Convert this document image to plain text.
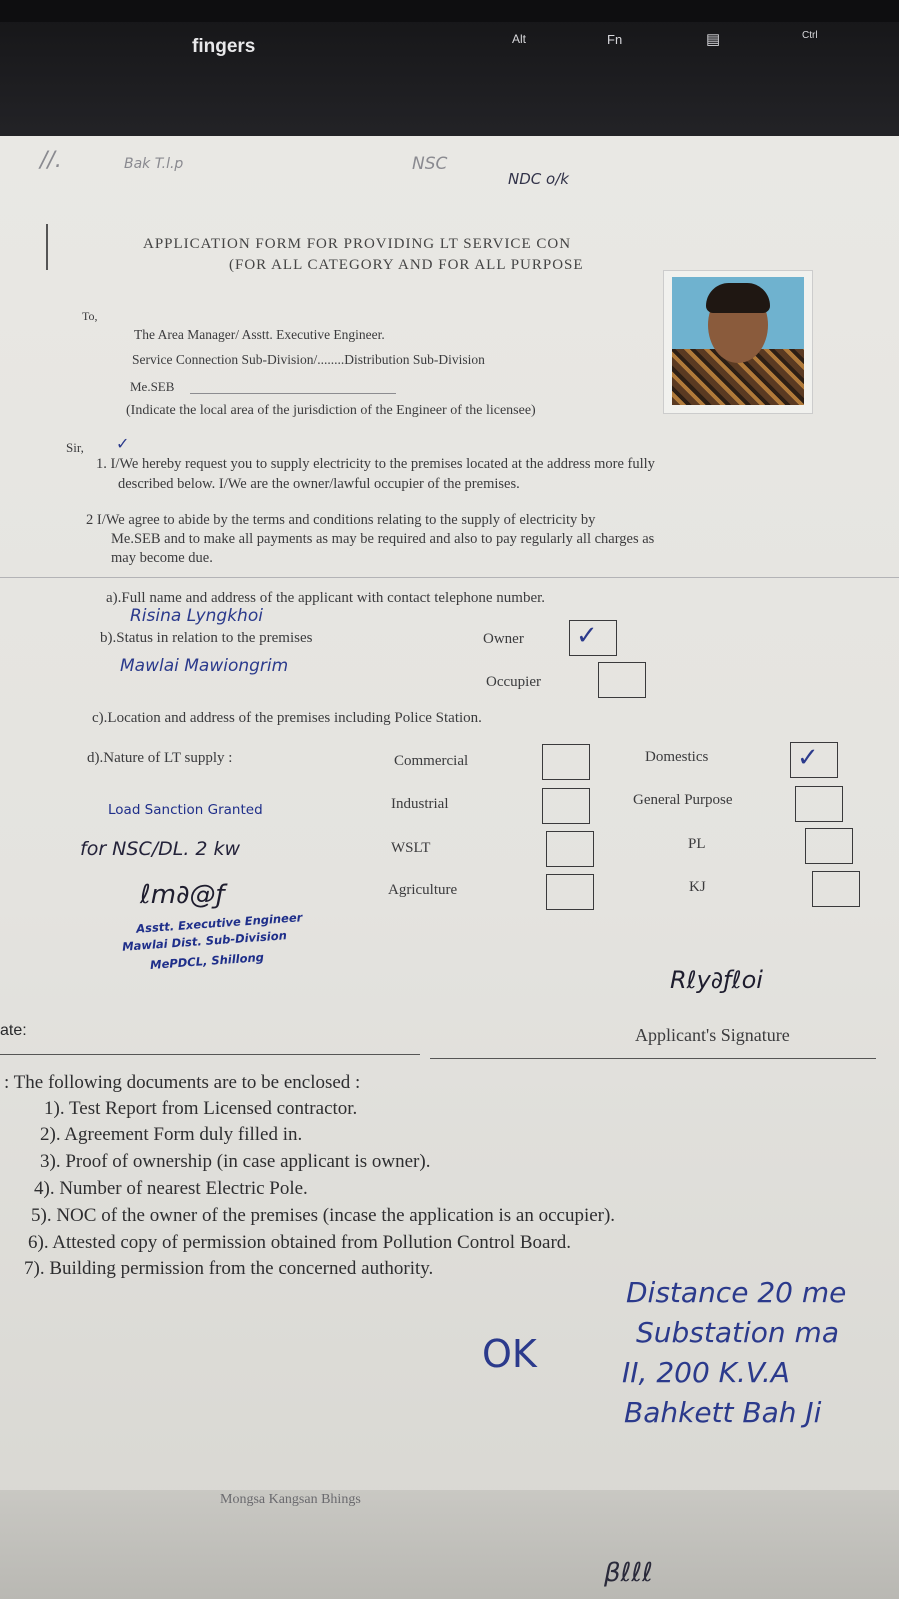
fingers	Alt	Fn	▤	Ctrl
//.	Bak T.l.p	NSC
NDC o/k
APPLICATION FORM FOR PROVIDING LT SERVICE CON
(FOR ALL CATEGORY AND FOR ALL PURPOSE
To,
The Area Manager/ Asstt. Executive Engineer.
Service Connection Sub-Division/........Distribution Sub-Division
Me.SEB
(Indicate the local area of the jurisdiction of the Engineer of the licensee)
Sir, ✓
1. I/We hereby request you to supply electricity to the premises located at the address more fully
described below. I/We are the owner/lawful occupier of the premises.
2 I/We agree to abide by the terms and conditions relating to the supply of electricity by
Me.SEB and to make all payments as may be required and also to pay regularly all charges as
may become due.
a).Full name and address of the applicant with contact telephone number.
Risina Lyngkhoi
b).Status in relation to the premises	Owner ✓
Mawlai Mawiongrim
Occupier
c).Location and address of the premises including Police Station.
d).Nature of LT supply :	Commercial	Domestics	✓
Load Sanction Granted	Industrial	General Purpose
for NSC/DL. 2 kw	WSLT	PL
ℓm∂@ƒ	Agriculture	KJ
Asstt. Executive Engineer
Mawlai Dist. Sub-Division
MePDCL, Shillong
Rℓy∂ƒℓoi
ate:	Applicant's Signature
: The following documents are to be enclosed :
1). Test Report from Licensed contractor.
2). Agreement Form duly filled in.
3). Proof of ownership (in case applicant is owner).
4). Number of nearest Electric Pole.
5). NOC of the owner of the premises (incase the application is an occupier).
6). Attested copy of permission obtained from Pollution Control Board.
7). Building permission from the concerned authority.
OK
Distance 20 me
Substation ma
II, 200 K.V.A
Bahkett Bah Ji
Mongsa Kangsan Bhings
βℓℓℓ
